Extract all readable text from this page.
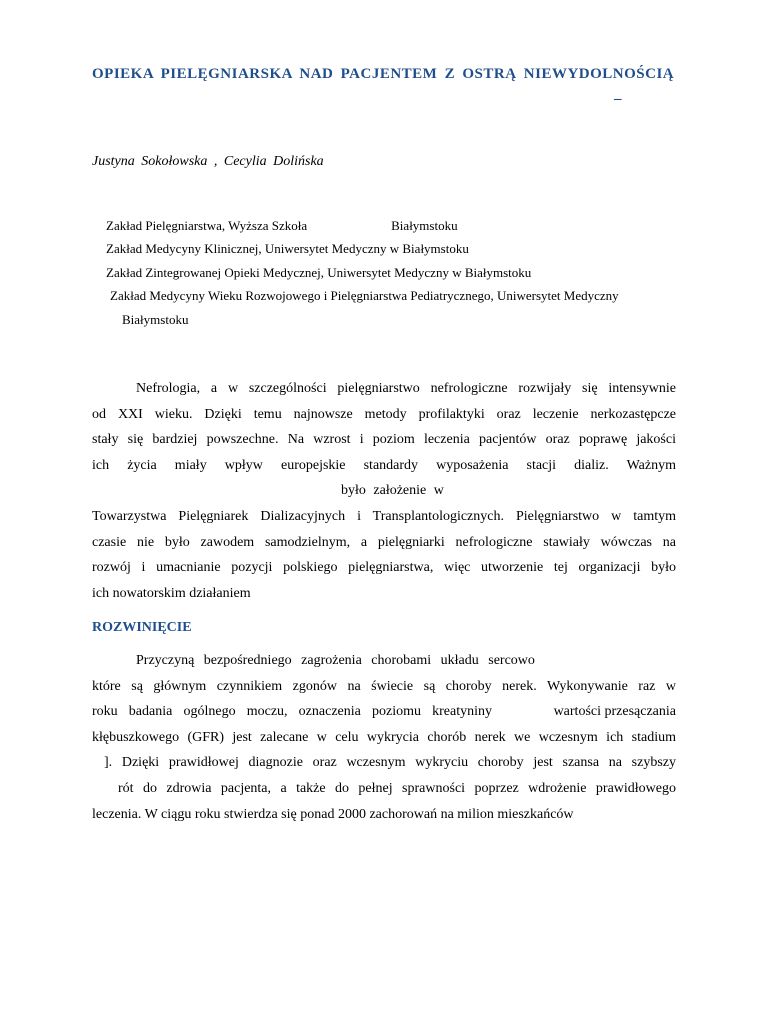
OPIEKA PIELĘGNIARSKA NAD PACJENTEM Z OSTRĄ NIEWYDOLNOŚCIĄ
–
Justyna Sokołowska , Cecylia Dolińska
Zakład Pielęgniarstwa, Wyższa Szkoła	Białymstoku
Zakład Medycyny Klinicznej, Uniwersytet Medyczny w Białymstoku
Zakład Zintegrowanej Opieki Medycznej, Uniwersytet Medyczny w Białymstoku
Zakład Medycyny Wieku Rozwojowego i Pielęgniarstwa Pediatrycznego, Uniwersytet Medyczny
Białymstoku
Nefrologia, a w szczególności pielęgniarstwo nefrologiczne rozwijały się intensywnie
od XXI wieku. Dzięki temu najnowsze metody profilaktyki oraz leczenie nerkozastępcze
stały się bardziej powszechne. Na wzrost i poziom leczenia pacjentów oraz poprawę jakości
ich życia miały wpływ europejskie standardy wyposażenia stacji dializ. Ważnym
było założenie w
Towarzystwa Pielęgniarek Dializacyjnych i Transplantologicznych. Pielęgniarstwo w tamtym
czasie nie było zawodem samodzielnym, a pielęgniarki nefrologiczne stawiały wówczas na
rozwój i umacnianie pozycji polskiego pielęgniarstwa, więc utworzenie tej organizacji było
ich nowatorskim działaniem
ROZWINIĘCIE
Przyczyną bezpośredniego zagrożenia chorobami układu sercowo
które są głównym czynnikiem zgonów na świecie są choroby nerek. Wykonywanie raz w
roku badania ogólnego moczu, oznaczenia poziomu kreatyniny	wartości przesączania
kłębuszkowego (GFR) jest zalecane w celu wykrycia chorób nerek we wczesnym ich stadium
]. Dzięki prawidłowej diagnozie oraz wczesnym wykryciu choroby jest szansa na szybszy
rót do zdrowia pacjenta, a także do pełnej sprawności poprzez wdrożenie prawidłowego
leczenia. W ciągu roku stwierdza się ponad 2000 zachorowań na milion mieszkańców
